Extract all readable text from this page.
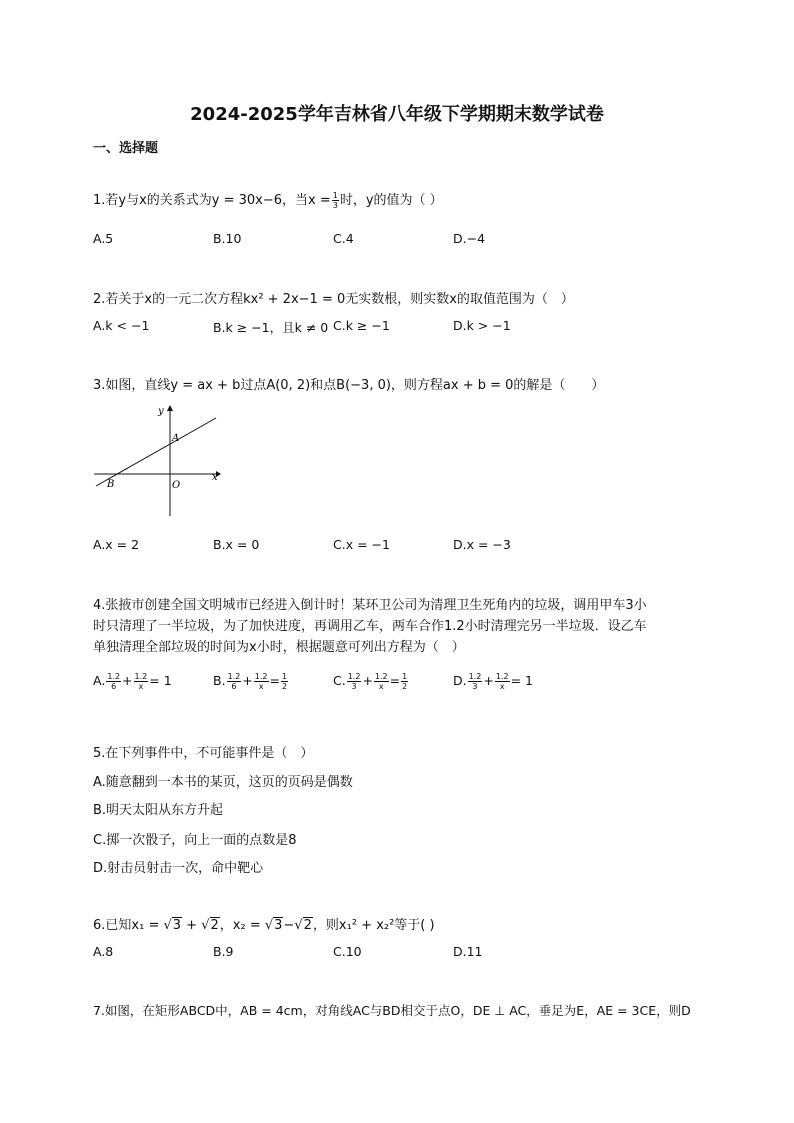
2024-2025学年吉林省八年级下学期期末数学试卷
一、选择题
1.若y与x的关系式为y = 30x−6，当$x = \frac{1}{3}$ 时，y的值为（ ）
A.5	B.10	C.4	D.−4
2.若关于x的一元二次方程kx² + 2x−1 = 0无实数根，则实数x的取值范围为（　）
A.k < −1	B.k ≥ −1，且k ≠ 0 C.k ≥ −1	D.k > −1
3.如图，直线y = ax + b过点A(0, 2)和点B(−3, 0)，则方程ax + b = 0的解是（　　）
y
x
A
B	O
A.x = 2	B.x = 0	C.x = −1	D.x = −3
4.张掖市创建全国文明城市已经进入倒计时！某环卫公司为清理卫生死角内的垃圾，调用甲车3小
时只清理了一半垃圾，为了加快进度，再调用乙车，两车合作1.2小时清理完另一半垃圾．设乙车
单独清理全部垃圾的时间为x小时，根据题意可列出方程为（　）
A. $\frac{1.2}{6} + \frac{1.2}{x} = 1$	B. $\frac{1.2}{6} + \frac{1.2}{x} = \frac{1}{2}$	C. $\frac{1.2}{3} + \frac{1.2}{x} = \frac{1}{2}$	D. $\frac{1.2}{3} + \frac{1.2}{x} = 1$
5.在下列事件中，不可能事件是（　）
A.随意翻到一本书的某页，这页的页码是偶数
B.明天太阳从东方升起
C.掷一次骰子，向上一面的点数是8
D.射击员射击一次，命中靶心
6.已知x₁ = √3 + √2，x₂ = √3−√2，则x₁² + x₂²等于( )
A.8	B.9	C.10	D.11
7.如图，在矩形ABCD中，AB = 4cm，对角线AC与BD相交于点O，DE ⊥ AC，垂足为E，AE = 3CE，则D
